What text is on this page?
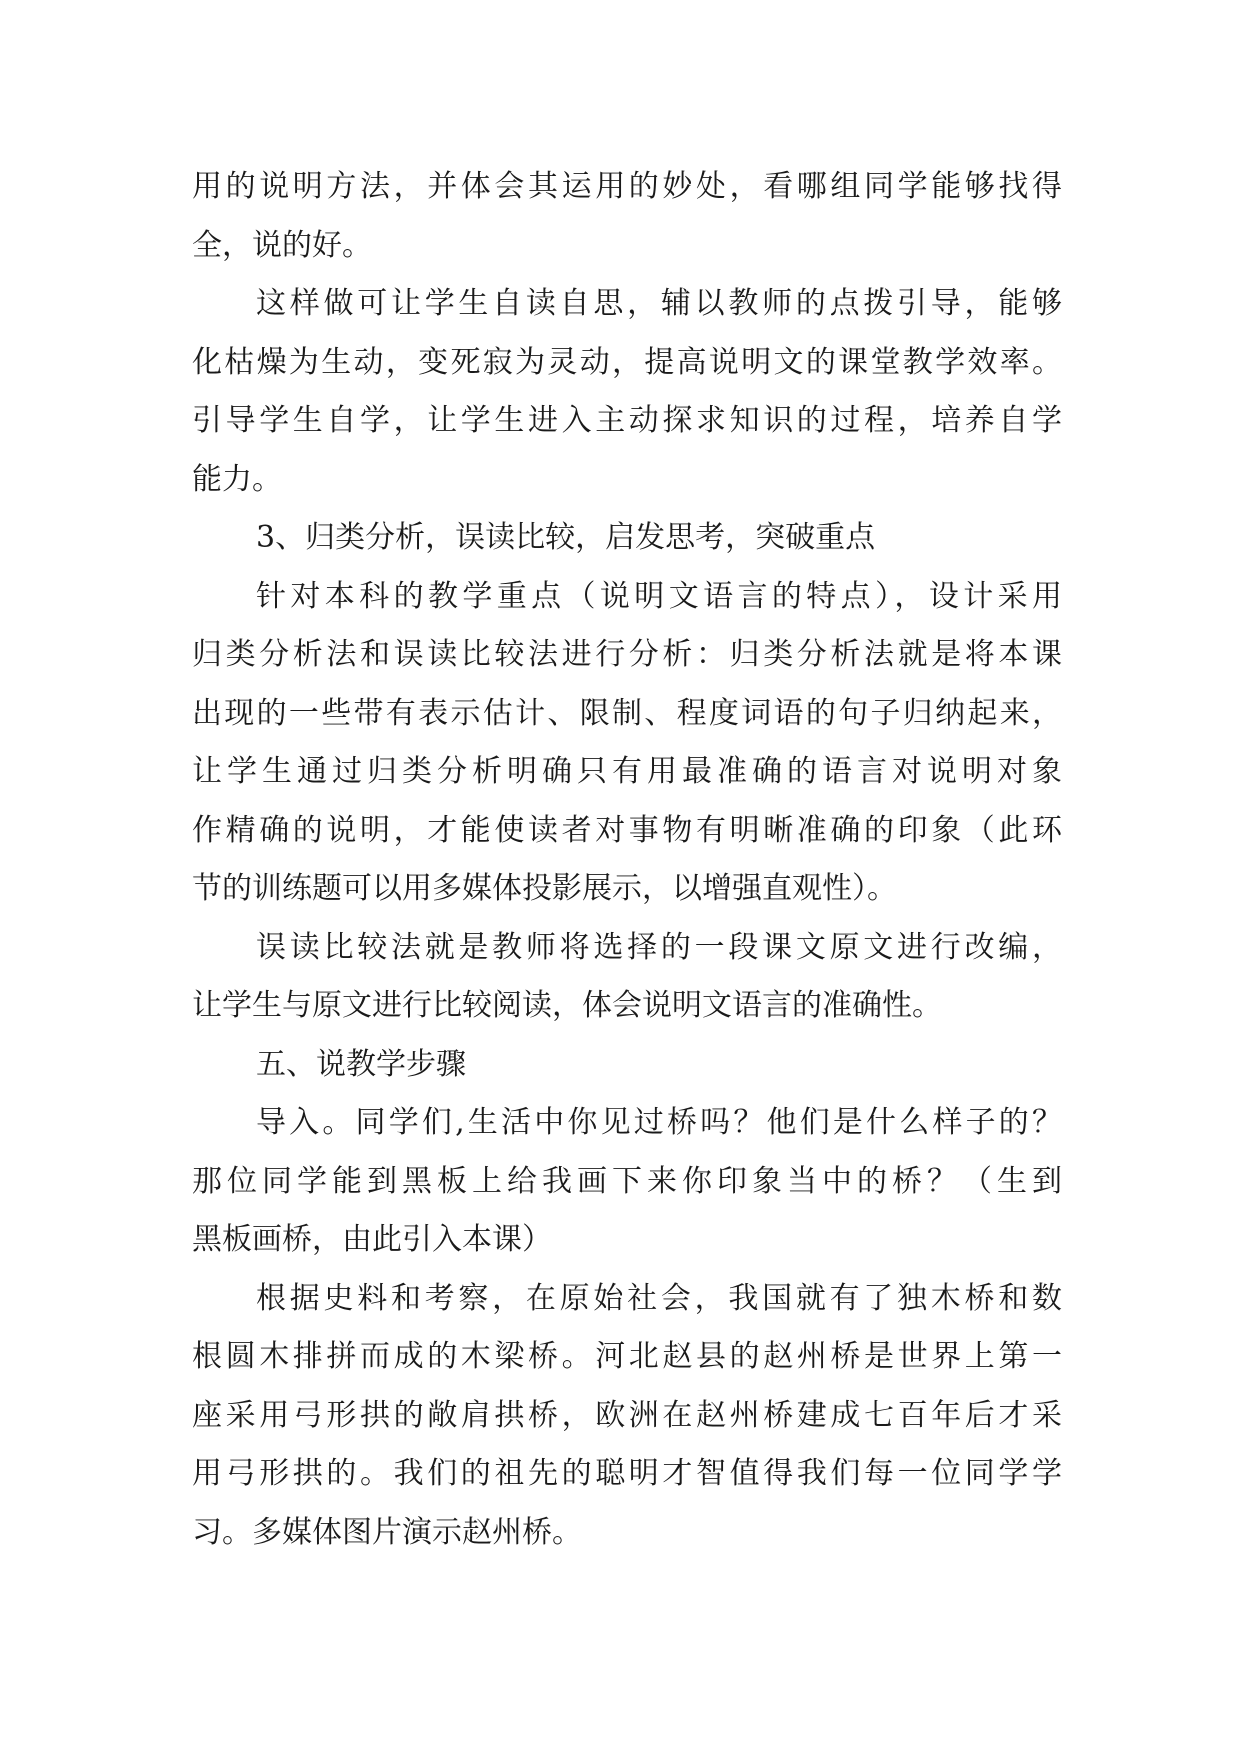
用的说明方法，并体会其运用的妙处，看哪组同学能够找得
全，说的好。
这样做可让学生自读自思，辅以教师的点拨引导，能够
化枯燥为生动，变死寂为灵动，提高说明文的课堂教学效率。
引导学生自学，让学生进入主动探求知识的过程，培养自学
能力。
3、归类分析，误读比较，启发思考，突破重点
针对本科的教学重点（说明文语言的特点），设计采用
归类分析法和误读比较法进行分析：归类分析法就是将本课
出现的一些带有表示估计、限制、程度词语的句子归纳起来，
让学生通过归类分析明确只有用最准确的语言对说明对象
作精确的说明，才能使读者对事物有明晰准确的印象（此环
节的训练题可以用多媒体投影展示，以增强直观性）。
误读比较法就是教师将选择的一段课文原文进行改编，
让学生与原文进行比较阅读，体会说明文语言的准确性。
五、说教学步骤
导入。同学们,生活中你见过桥吗？他们是什么样子的？
那位同学能到黑板上给我画下来你印象当中的桥？（生到
黑板画桥，由此引入本课）
根据史料和考察，在原始社会，我国就有了独木桥和数
根圆木排拼而成的木梁桥。河北赵县的赵州桥是世界上第一
座采用弓形拱的敞肩拱桥，欧洲在赵州桥建成七百年后才采
用弓形拱的。我们的祖先的聪明才智值得我们每一位同学学
习。多媒体图片演示赵州桥。
